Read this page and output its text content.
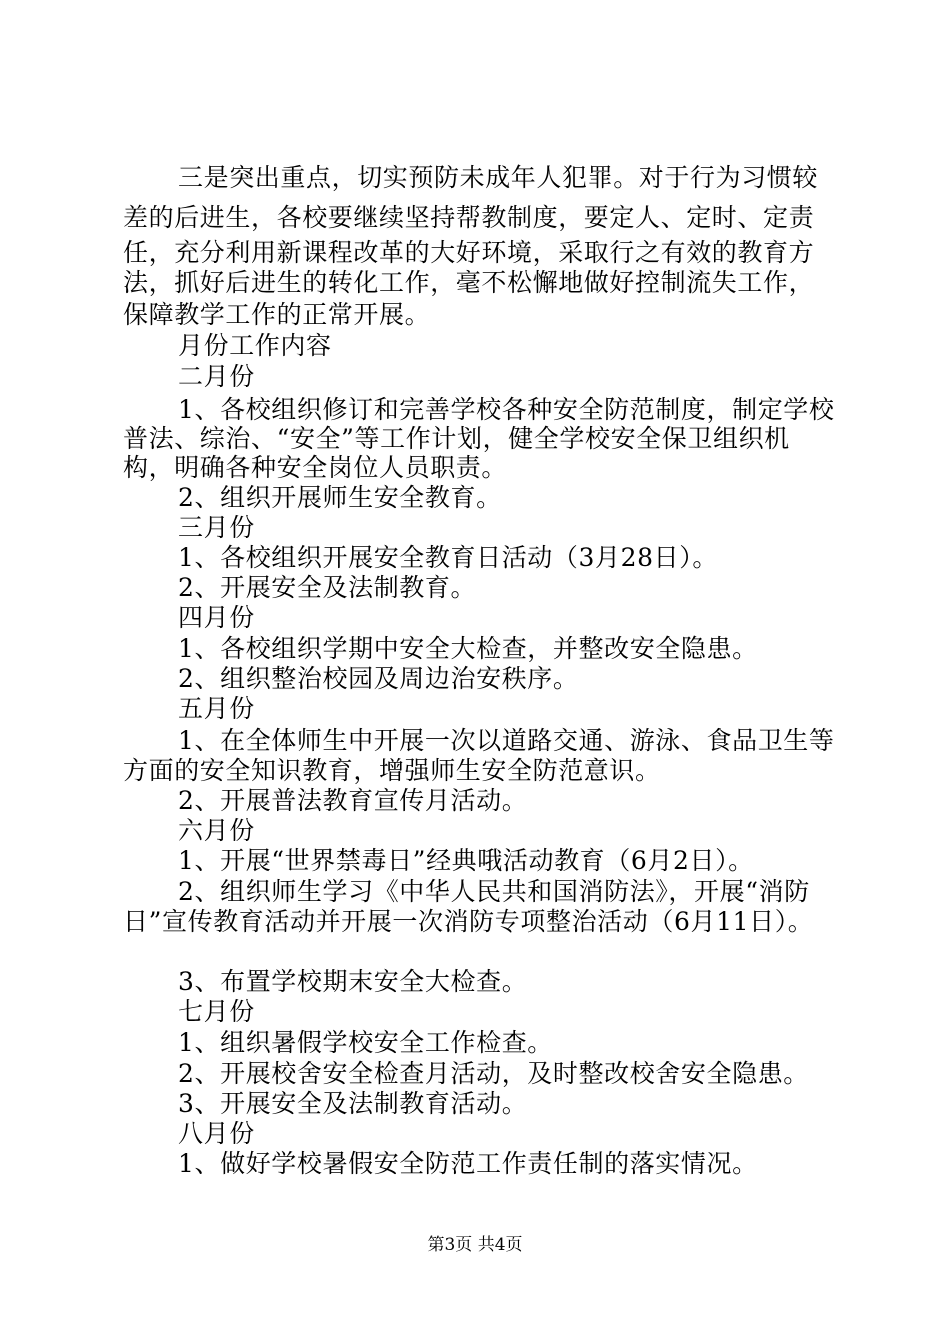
三是突出重点，切实预防未成年人犯罪。对于行为习惯较
差的后进生，各校要继续坚持帮教制度，要定人、定时、定责
任，充分利用新课程改革的大好环境，采取行之有效的教育方
法，抓好后进生的转化工作，毫不松懈地做好控制流失工作，
保障教学工作的正常开展。
月份工作内容
二月份
1、各校组织修订和完善学校各种安全防范制度，制定学校
普法、综治、“安全”等工作计划，健全学校安全保卫组织机
构，明确各种安全岗位人员职责。
2、组织开展师生安全教育。
三月份
1、各校组织开展安全教育日活动（3月28日）。
2、开展安全及法制教育。
四月份
1、各校组织学期中安全大检查，并整改安全隐患。
2、组织整治校园及周边治安秩序。
五月份
1、在全体师生中开展一次以道路交通、游泳、食品卫生等
方面的安全知识教育，增强师生安全防范意识。
2、开展普法教育宣传月活动。
六月份
1、开展“世界禁毒日”经典哦活动教育（6月2日）。
2、组织师生学习《中华人民共和国消防法》，开展“消防
日”宣传教育活动并开展一次消防专项整治活动（6月11日）。
3、布置学校期末安全大检查。
七月份
1、组织暑假学校安全工作检查。
2、开展校舍安全检查月活动，及时整改校舍安全隐患。
3、开展安全及法制教育活动。
八月份
1、做好学校暑假安全防范工作责任制的落实情况。
第3页 共4页
